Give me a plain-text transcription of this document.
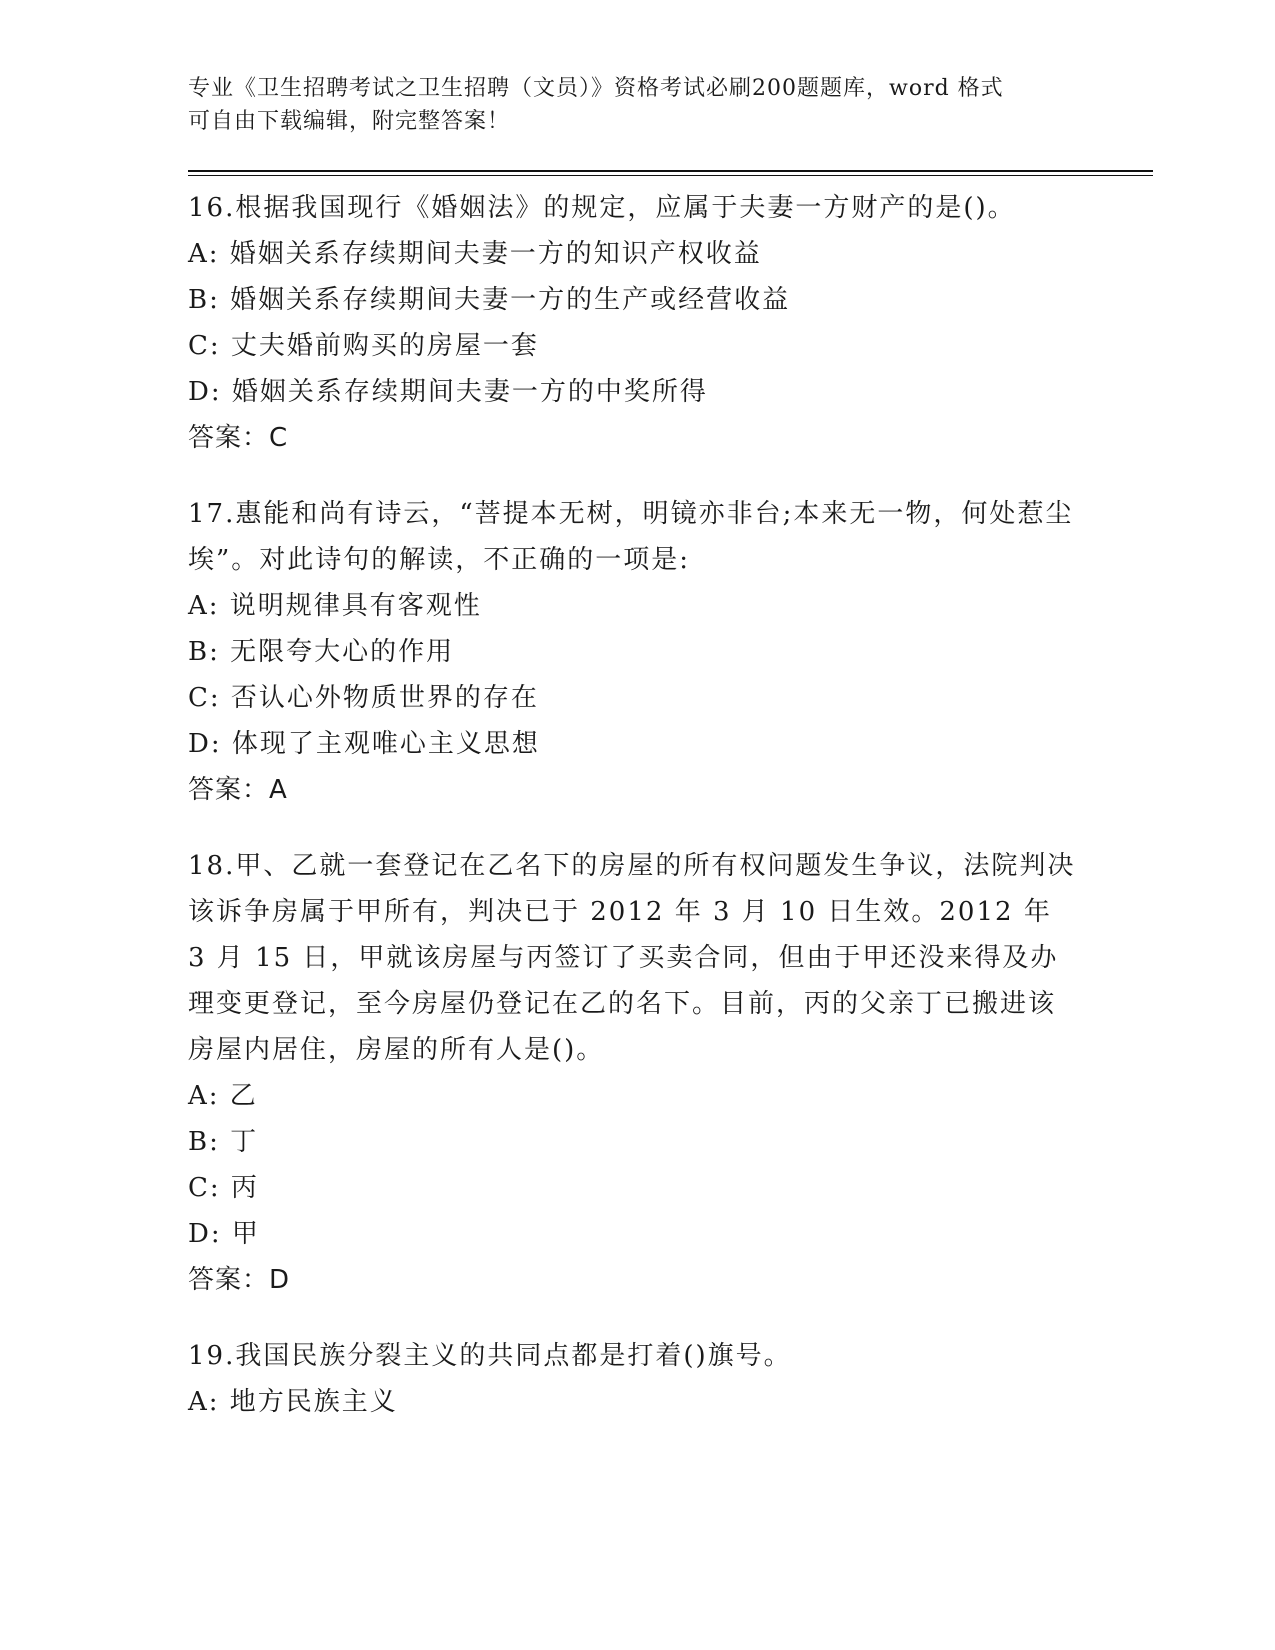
专业《卫生招聘考试之卫生招聘（文员）》资格考试必刷200题题库，word 格式
可自由下载编辑，附完整答案！
16.根据我国现行《婚姻法》的规定，应属于夫妻一方财产的是()。
A: 婚姻关系存续期间夫妻一方的知识产权收益
B: 婚姻关系存续期间夫妻一方的生产或经营收益
C: 丈夫婚前购买的房屋一套
D: 婚姻关系存续期间夫妻一方的中奖所得
答案：C
17.惠能和尚有诗云，“菩提本无树，明镜亦非台;本来无一物，何处惹尘埃”。对此诗句的解读，不正确的一项是:
A: 说明规律具有客观性
B: 无限夸大心的作用
C: 否认心外物质世界的存在
D: 体现了主观唯心主义思想
答案：A
18.甲、乙就一套登记在乙名下的房屋的所有权问题发生争议，法院判决该诉争房属于甲所有，判决已于 2012 年 3 月 10 日生效。2012 年 3 月 15 日，甲就该房屋与丙签订了买卖合同，但由于甲还没来得及办理变更登记，至今房屋仍登记在乙的名下。目前，丙的父亲丁已搬进该房屋内居住，房屋的所有人是()。
A: 乙
B: 丁
C: 丙
D: 甲
答案：D
19.我国民族分裂主义的共同点都是打着()旗号。
A: 地方民族主义
